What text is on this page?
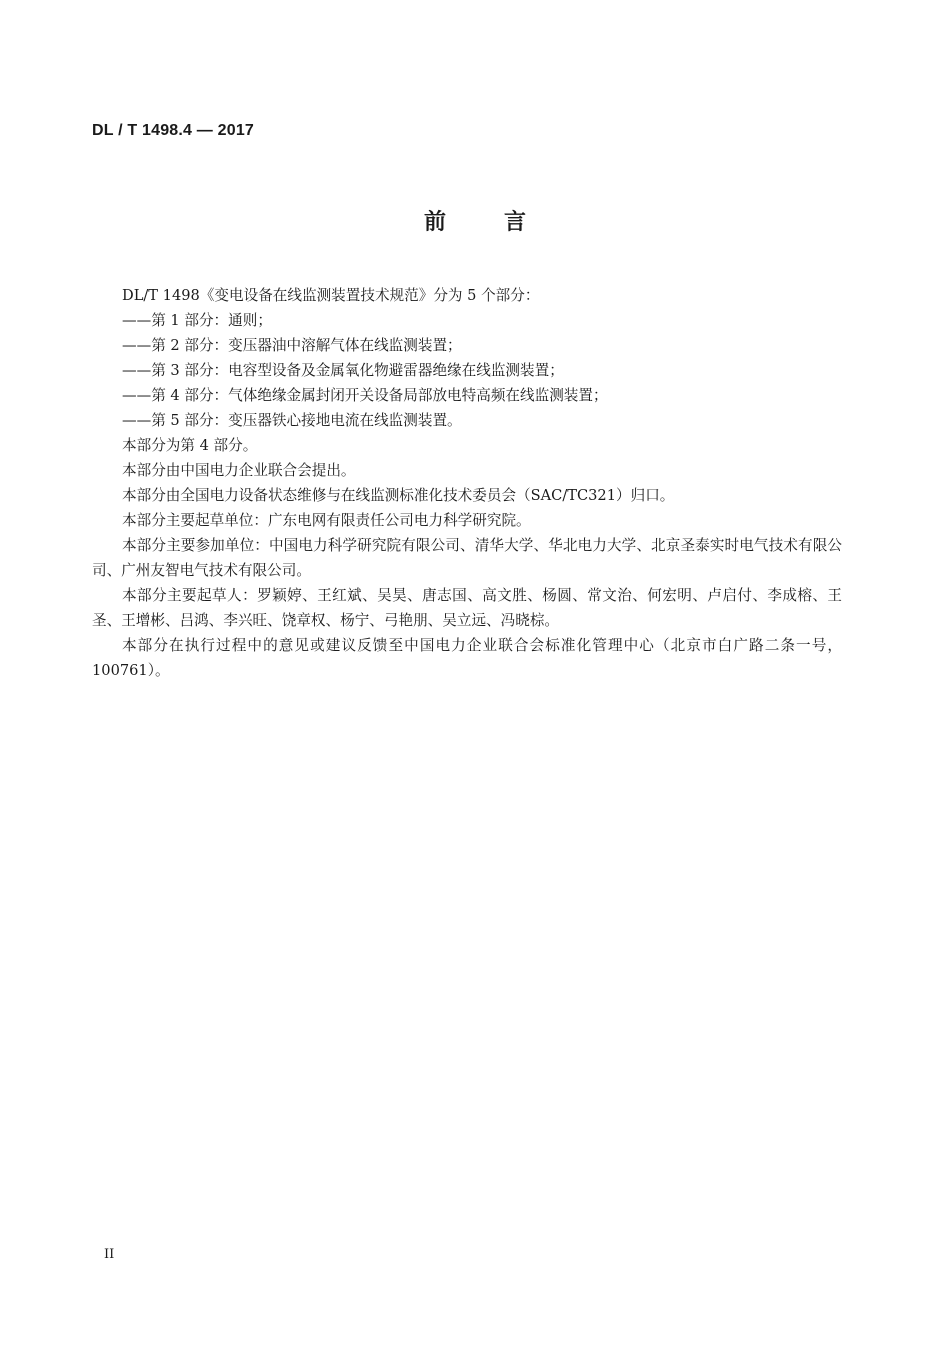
DL / T 1498.4 — 2017
前	言
DL/T 1498《变电设备在线监测装置技术规范》分为 5 个部分：
——第 1 部分：通则；
——第 2 部分：变压器油中溶解气体在线监测装置；
——第 3 部分：电容型设备及金属氧化物避雷器绝缘在线监测装置；
——第 4 部分：气体绝缘金属封闭开关设备局部放电特高频在线监测装置；
——第 5 部分：变压器铁心接地电流在线监测装置。
本部分为第 4 部分。
本部分由中国电力企业联合会提出。
本部分由全国电力设备状态维修与在线监测标准化技术委员会（SAC/TC321）归口。
本部分主要起草单位：广东电网有限责任公司电力科学研究院。
本部分主要参加单位：中国电力科学研究院有限公司、清华大学、华北电力大学、北京圣泰实时电气技术有限公司、广州友智电气技术有限公司。
本部分主要起草人：罗颖婷、王红斌、吴昊、唐志国、高文胜、杨圆、常文治、何宏明、卢启付、李成榕、王圣、王增彬、吕鸿、李兴旺、饶章权、杨宁、弓艳朋、吴立远、冯晓棕。
本部分在执行过程中的意见或建议反馈至中国电力企业联合会标准化管理中心（北京市白广路二条一号，100761）。
II
